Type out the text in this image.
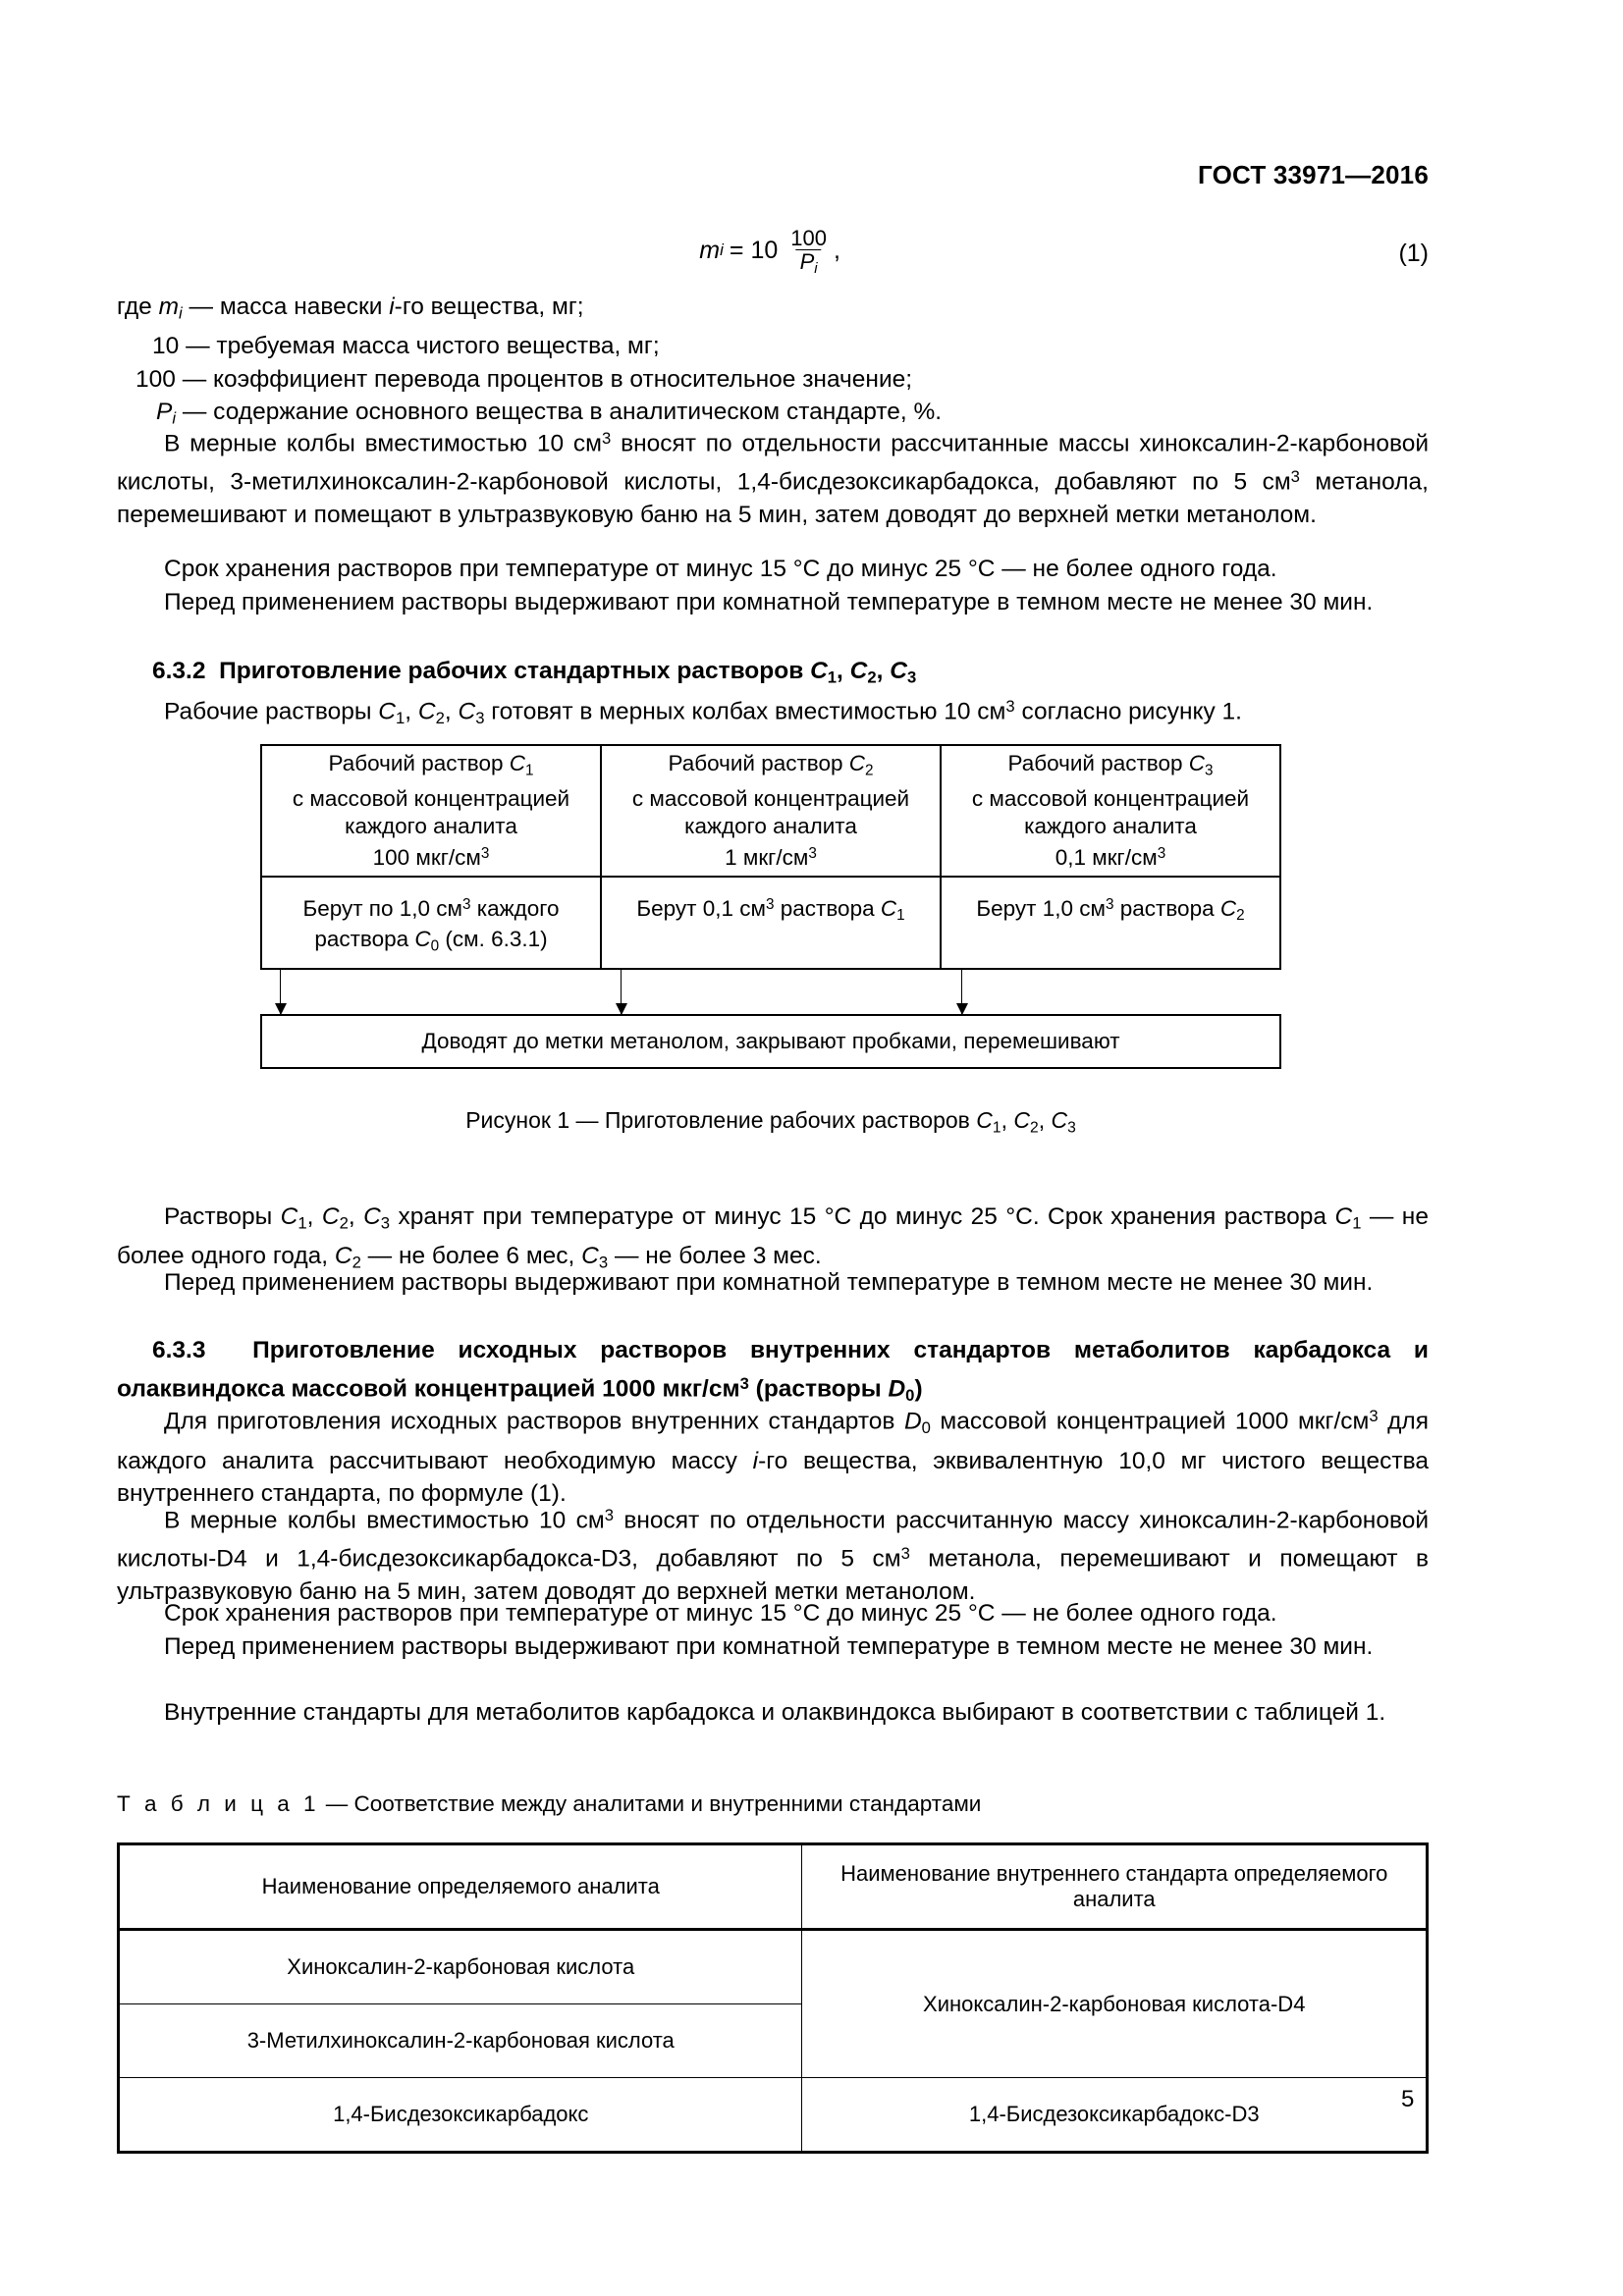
ГОСТ 33971—2016
m $i = 10 \frac{100}{P_i}$ ,	(1)
где $m_i$ — масса навески i-го вещества, мг;
10 — требуемая масса чистого вещества, мг;
100 — коэффициент перевода процентов в относительное значение;
$P_i$ — содержание основного вещества в аналитическом стандарте, %.
В мерные колбы вместимостью 10 $см^3$ вносят по отдельности рассчитанные массы хиноксалин-2-карбоновой кислоты, 3-метилхиноксалин-2-карбоновой кислоты, 1,4-бисдезоксикарбадокса, добавляют по 5 $см^3$ метанола, перемешивают и помещают в ультразвуковую баню на 5 мин, затем доводят до верхней метки метанолом.
Срок хранения растворов при температуре от минус 15 °С до минус 25 °С — не более одного года.
Перед применением растворы выдерживают при комнатной температуре в темном месте не менее 30 мин.
6.3.2 Приготовление рабочих стандартных растворов $C_1$, $C_2$, $C_3$
Рабочие растворы $C_1$, $C_2$, $C_3$ готовят в мерных колбах вместимостью 10 $см^3$ согласно рисунку 1.
Рабочий раствор $C_1$
с массовой концентрацией
каждого аналита
100 мкг/$см^3$
Берут по 1,0 $см^3$ каждого
раствора $C_0$ (см. 6.3.1)
Рабочий раствор $C_2$
с массовой концентрацией
каждого аналита
1 мкг/$см^3$
Берут 0,1 $см^3$ раствора $C_1$
Рабочий раствор $C_3$
с массовой концентрацией
каждого аналита
0,1 мкг/$см^3$
Берут 1,0 $см^3$ раствора $C_2$
Доводят до метки метанолом, закрывают пробками, перемешивают
Рисунок 1 — Приготовление рабочих растворов $C_1$, $C_2$, $C_3$
Растворы $C_1$, $C_2$, $C_3$ хранят при температуре от минус 15 °С до минус 25 °С. Срок хранения раствора $C_1$ — не более одного года, $C_2$ — не более 6 мес, $C_3$ — не более 3 мес.
Перед применением растворы выдерживают при комнатной температуре в темном месте не менее 30 мин.
6.3.3 Приготовление исходных растворов внутренних стандартов метаболитов карбадокса и олаквиндокса массовой концентрацией 1000 мкг/$см^3$ (растворы $D_0$)
Для приготовления исходных растворов внутренних стандартов $D_0$ массовой концентрацией 1000 мкг/$см^3$ для каждого аналита рассчитывают необходимую массу i-го вещества, эквивалентную 10,0 мг чистого вещества внутреннего стандарта, по формуле (1).
В мерные колбы вместимостью 10 $см^3$ вносят по отдельности рассчитанную массу хиноксалин-2-карбоновой кислоты-D4 и 1,4-бисдезоксикарбадокса-D3, добавляют по 5 $см^3$ метанола, перемешивают и помещают в ультразвуковую баню на 5 мин, затем доводят до верхней метки метанолом.
Срок хранения растворов при температуре от минус 15 °С до минус 25 °С — не более одного года.
Перед применением растворы выдерживают при комнатной температуре в темном месте не менее 30 мин.
Внутренние стандарты для метаболитов карбадокса и олаквиндокса выбирают в соответствии с таблицей 1.
Т а б л и ц а 1 — Соответствие между аналитами и внутренними стандартами
Наименование определяемого аналита	Наименование внутреннего стандарта определяемого аналита
Хиноксалин-2-карбоновая кислота	Хиноксалин-2-карбоновая кислота-D4
3-Метилхиноксалин-2-карбоновая кислота	
1,4-Бисдезоксикарбадокс	1,4-Бисдезоксикарбадокс-D3
5
